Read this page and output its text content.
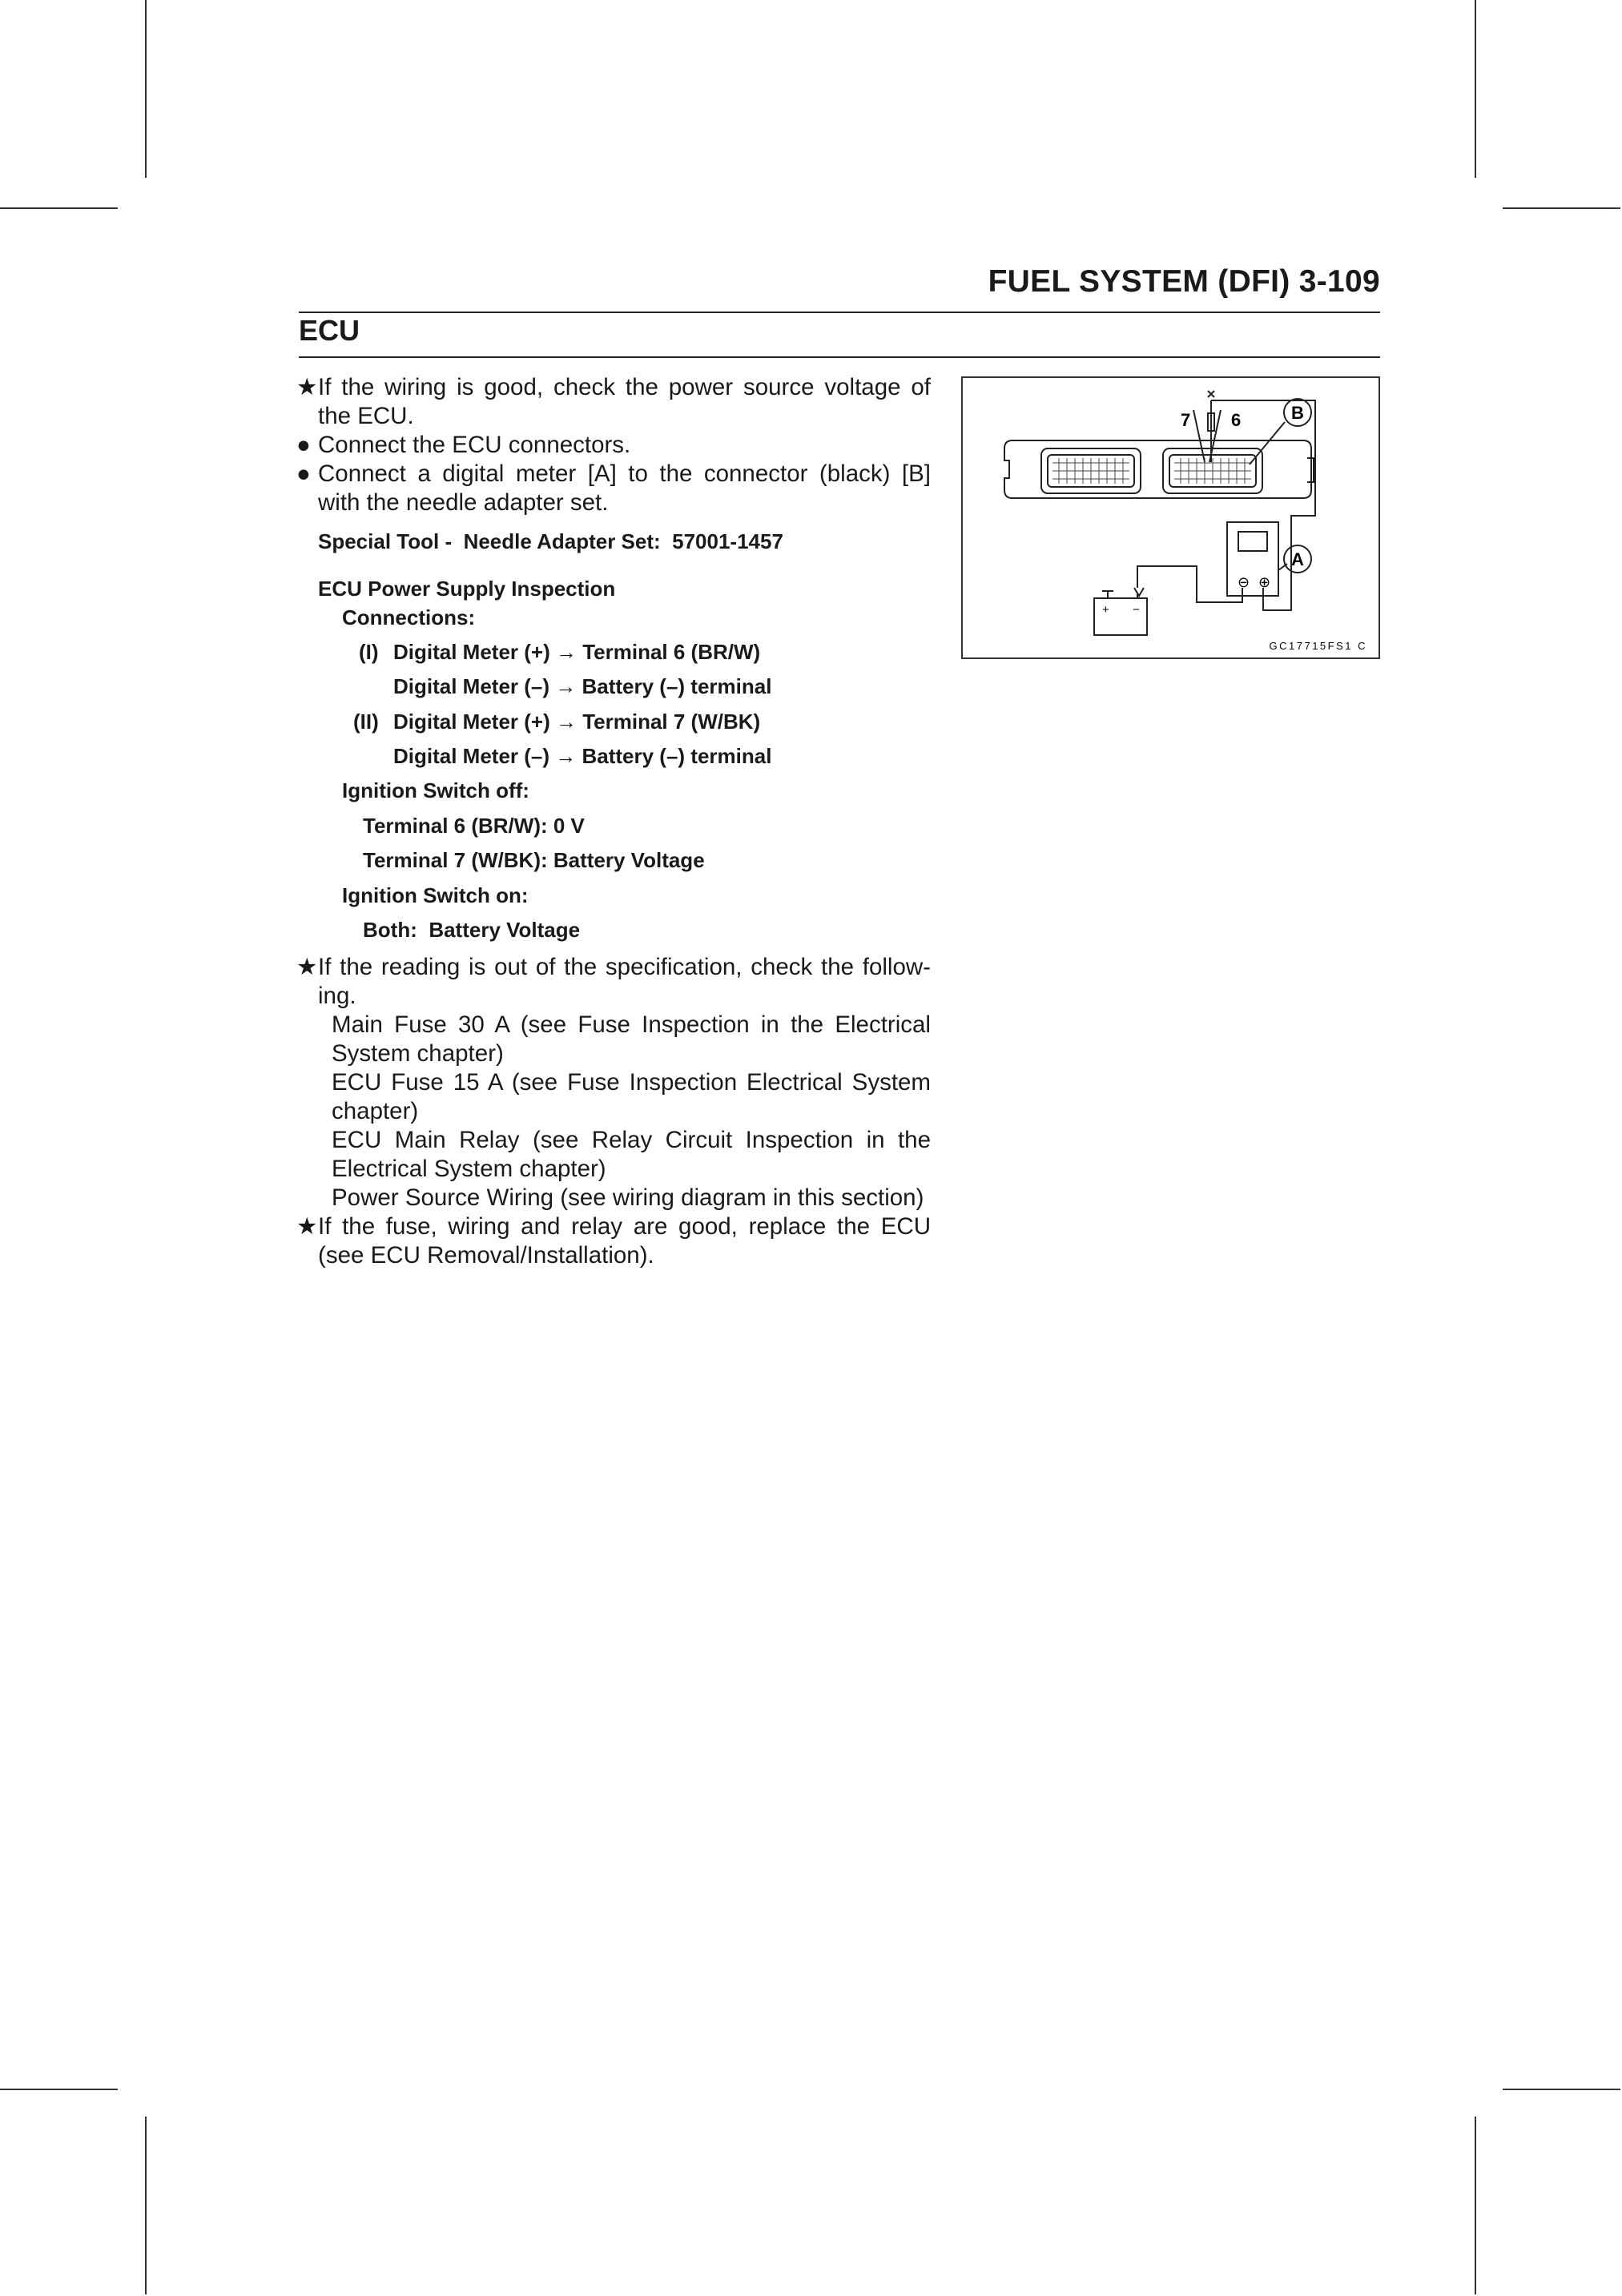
FUEL SYSTEM (DFI) 3-109
ECU
★ If the wiring is good, check the power source voltage of the ECU.
● Connect the ECU connectors.
● Connect a digital meter [A] to the connector (black) [B] with the needle adapter set.
Special Tool - Needle Adapter Set: 57001-1457
ECU Power Supply Inspection
Connections:
(I) Digital Meter (+) → Terminal 6 (BR/W)
Digital Meter (–) → Battery (–) terminal
(II) Digital Meter (+) → Terminal 7 (W/BK)
Digital Meter (–) → Battery (–) terminal
Ignition Switch off:
Terminal 6 (BR/W): 0 V
Terminal 7 (W/BK): Battery Voltage
Ignition Switch on:
Both: Battery Voltage
★ If the reading is out of the specification, check the follow-ing.
Main Fuse 30 A (see Fuse Inspection in the Electrical System chapter)
ECU Fuse 15 A (see Fuse Inspection Electrical System chapter)
ECU Main Relay (see Relay Circuit Inspection in the Electrical System chapter)
Power Source Wiring (see wiring diagram in this section)
★ If the fuse, wiring and relay are good, replace the ECU (see ECU Removal/Installation).
7 6	B
⊖ ⊕
A
+ −
GC17715FS1 C
